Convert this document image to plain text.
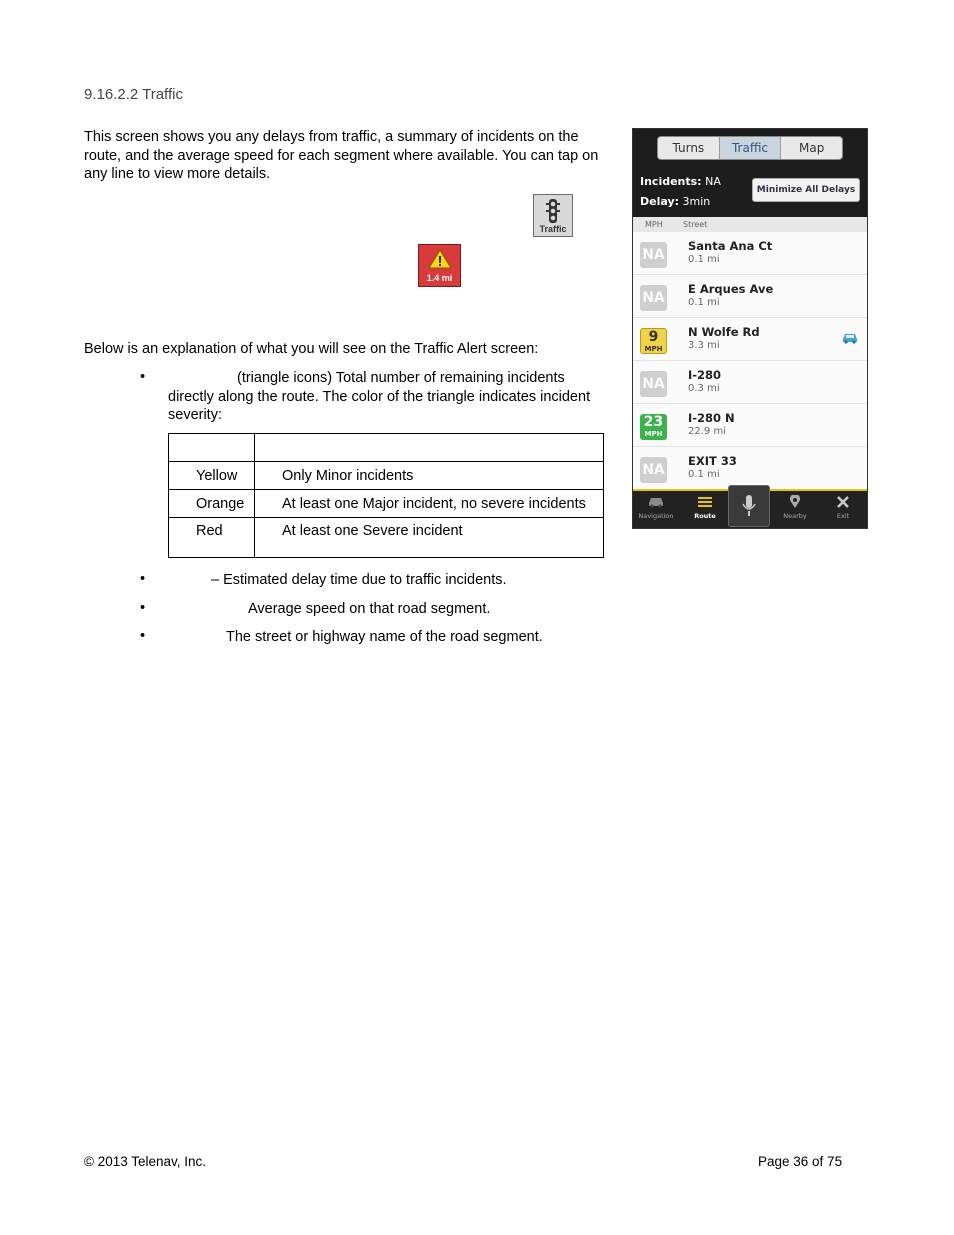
9.16.2.2 Traffic
This screen shows you any delays from traffic, a summary of incidents on the route, and the average speed for each segment where available. You can tap on any line to view more details.
Traffic
1.4 mi
Below is an explanation of what you will see on the Traffic Alert screen:
•	(triangle icons) Total number of remaining incidents
directly along the route. The color of the triangle indicates incident
severity:

Yellow	Only Minor incidents
Orange	At least one Major incident, no severe incidents
Red	At least one Severe incident
•	– Estimated delay time due to traffic incidents.
•	Average speed on that road segment.
•	The street or highway name of the road segment.
Turns	Traffic	Map
Incidents: NA
Delay: 3min
Minimize All Delays
MPH	Street
NA
Santa Ana Ct
0.1 mi
NA
E Arques Ave
0.1 mi
9
MPH
N Wolfe Rd
3.3 mi
NA
I-280
0.3 mi
23
MPH
I-280 N
22.9 mi
NA
EXIT 33
0.1 mi
Navigation	Route	Nearby	Exit
© 2013 Telenav, Inc.	Page 36 of 75
